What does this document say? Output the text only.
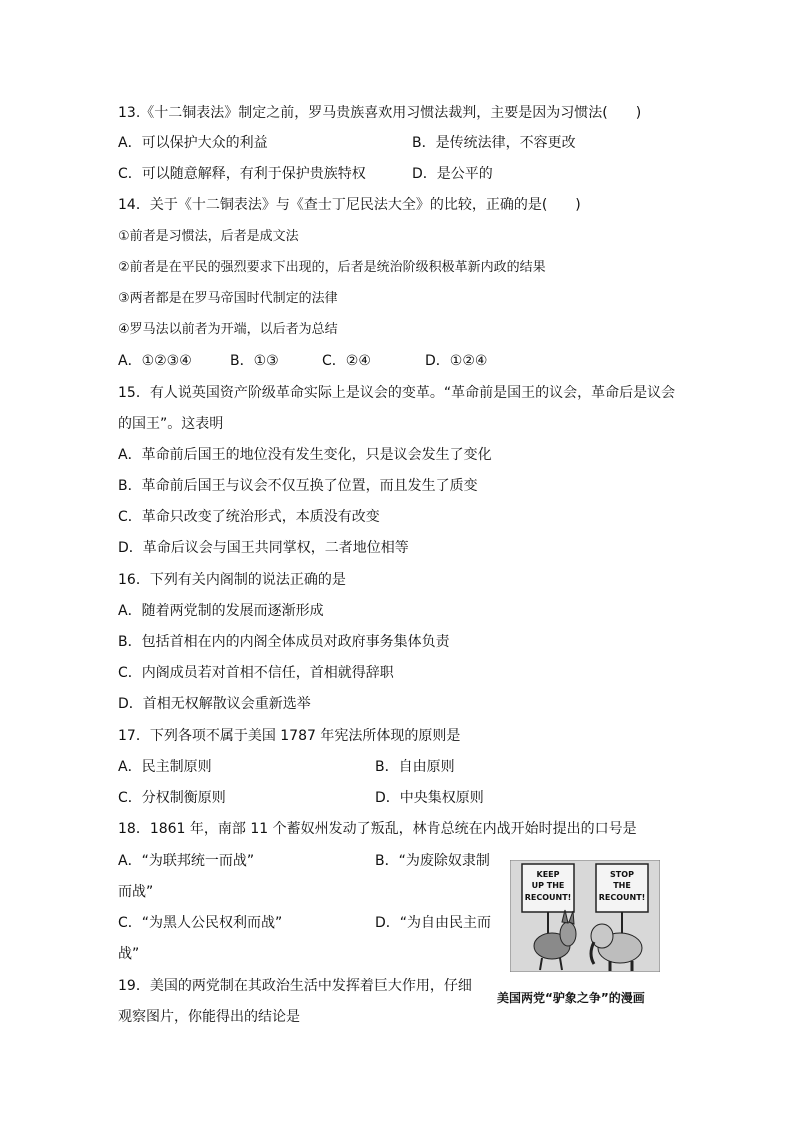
13.《十二铜表法》制定之前，罗马贵族喜欢用习惯法裁判，主要是因为习惯法(　　)
A．可以保护大众的利益	B．是传统法律，不容更改
C．可以随意解释，有利于保护贵族特权	D．是公平的
14．关于《十二铜表法》与《查士丁尼民法大全》的比较，正确的是(　　)
①前者是习惯法，后者是成文法
②前者是在平民的强烈要求下出现的，后者是统治阶级积极革新内政的结果
③两者都是在罗马帝国时代制定的法律
④罗马法以前者为开端，以后者为总结
A．①②③④	B．①③	C．②④	D．①②④
15．有人说英国资产阶级革命实际上是议会的变革。“革命前是国王的议会，革命后是议会
的国王”。这表明
A．革命前后国王的地位没有发生变化，只是议会发生了变化
B．革命前后国王与议会不仅互换了位置，而且发生了质变
C．革命只改变了统治形式，本质没有改变
D．革命后议会与国王共同掌权，二者地位相等
16．下列有关内阁制的说法正确的是
A．随着两党制的发展而逐渐形成
B．包括首相在内的内阁全体成员对政府事务集体负责
C．内阁成员若对首相不信任，首相就得辞职
D．首相无权解散议会重新选举
17．下列各项不属于美国 1787 年宪法所体现的原则是
A．民主制原则	B．自由原则
C．分权制衡原则	D．中央集权原则
18．1861 年，南部 11 个蓄奴州发动了叛乱，林肯总统在内战开始时提出的口号是
A．“为联邦统一而战”	B．“为废除奴隶制
而战”
C．“为黑人公民权利而战”	D．“为自由民主而
战”
19．美国的两党制在其政治生活中发挥着巨大作用，仔细
观察图片，你能得出的结论是
KEEP
UP THE
RECOUNT!
STOP
THE
RECOUNT!
美国两党“驴象之争”的漫画
